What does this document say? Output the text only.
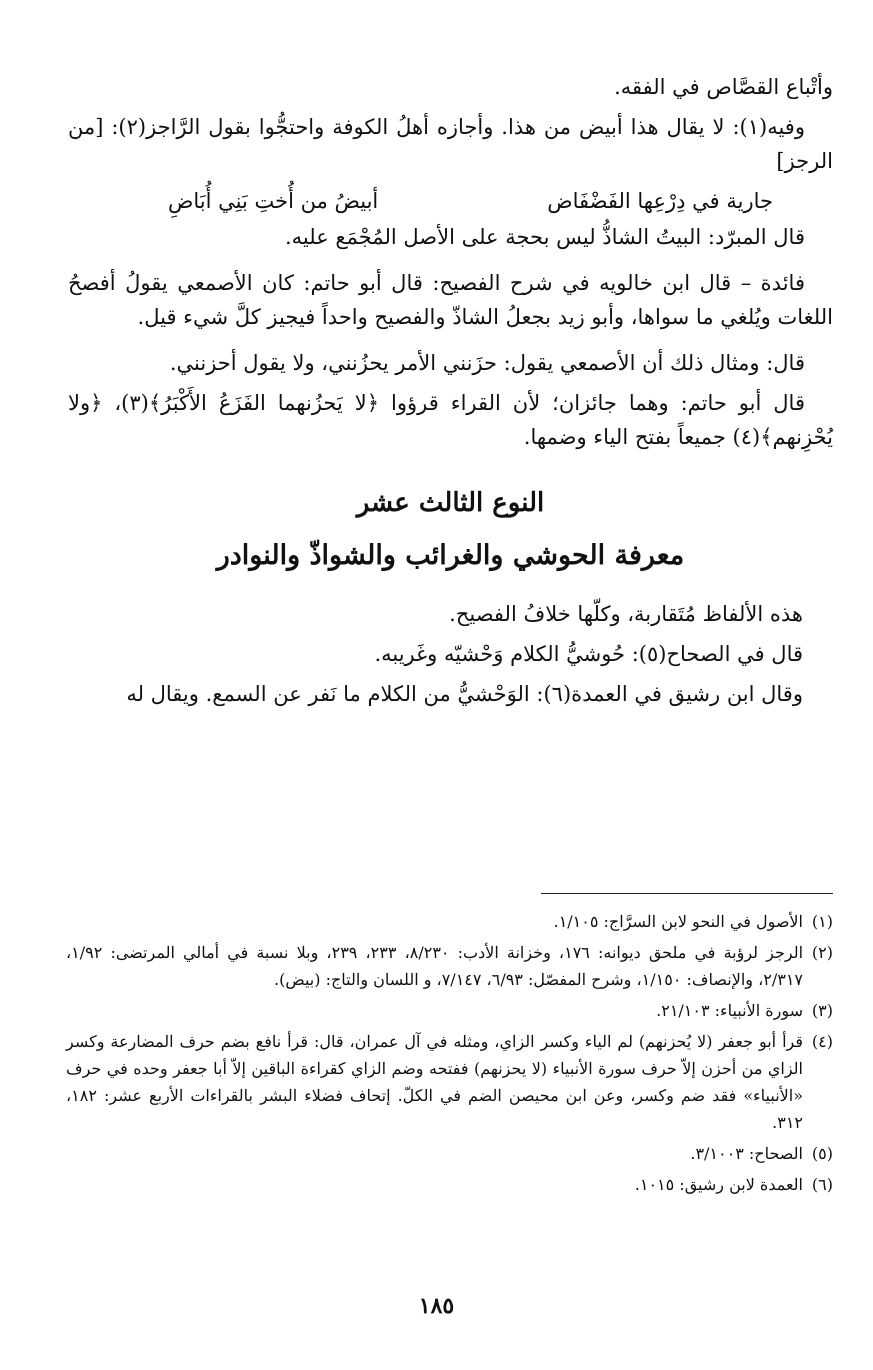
وأتْباع القصَّاص في الفقه.

وفيه(١): لا يقال هذا أبيض من هذا. وأجازه أهلُ الكوفة واحتجُّوا بقول الرَّاجز(٢): [من الرجز]

جارية في دِرْعِها الفَضْفَاض
أبيضُ من أُختِ بَنِي أُبَاضِ

قال المبرّد: البيتُ الشاذُّ ليس بحجة على الأصل المُجْمَع عليه.

فائدة – قال ابن خالويه في شرح الفصيح: قال أبو حاتم: كان الأصمعي يقولُ أفصحُ اللغات ويُلغي ما سواها، وأبو زيد بجعلُ الشاذّ والفصيح واحداً فيجيز كلَّ شيء قيل.

قال: ومثال ذلك أن الأصمعي يقول: حزَنني الأمر يحزُنني، ولا يقول أحزنني.

قال أبو حاتم: وهما جائزان؛ لأن القراء قرؤوا ﴿لا يَحزُنهما الفَزَعُ الأَكْبَرُ﴾(٣)، ﴿ولا يُحْزِنهم﴾(٤) جميعاً بفتح الياء وضمها.

النوع الثالث عشر
معرفة الحوشي والغرائب والشواذّ والنوادر

هذه الألفاظ مُتَقاربة، وكلّها خلافُ الفصيح.

قال في الصحاح(٥): حُوشيُّ الكلام وَحْشيّه وغَريبه.

وقال ابن رشيق في العمدة(٦): الوَحْشيُّ من الكلام ما نَفر عن السمع. ويقال له

(١)
الأصول في النحو لابن السرَّاج: ١/١٠٥.
(٢)
الرجز لرؤبة في ملحق ديوانه: ١٧٦، وخزانة الأدب: ٨/٢٣٠، ٢٣٣، ٢٣٩، وبلا نسبة في أمالي المرتضى: ١/٩٢، ٢/٣١٧، والإنصاف: ١/١٥٠، وشرح المفصّل: ٦/٩٣، ٧/١٤٧، و اللسان والتاج: (بيض).
(٣)
سورة الأنبياء: ٢١/١٠٣.
(٤)
قرأ أبو جعفر (لا يُحزنهم) لم الياء وكسر الزاي، ومثله في آل عمران، قال: قرأ نافع بضم حرف المضارعة وكسر الزاي من أحزن إلاّ حرف سورة الأنبياء (لا يحزنهم) ففتحه وضم الزاي كقراءة الباقين إلاّ أبا جعفر وحده في حرف «الأنبياء» فقد ضم وكسر، وعن ابن محيصن الضم في الكلّ. إتحاف فضلاء البشر بالقراءات الأربع عشر: ١٨٢، ٣١٢.
(٥)
الصحاح: ٣/١٠٠٣.
(٦)
العمدة لابن رشيق: ١٠١٥.
١٨٥
